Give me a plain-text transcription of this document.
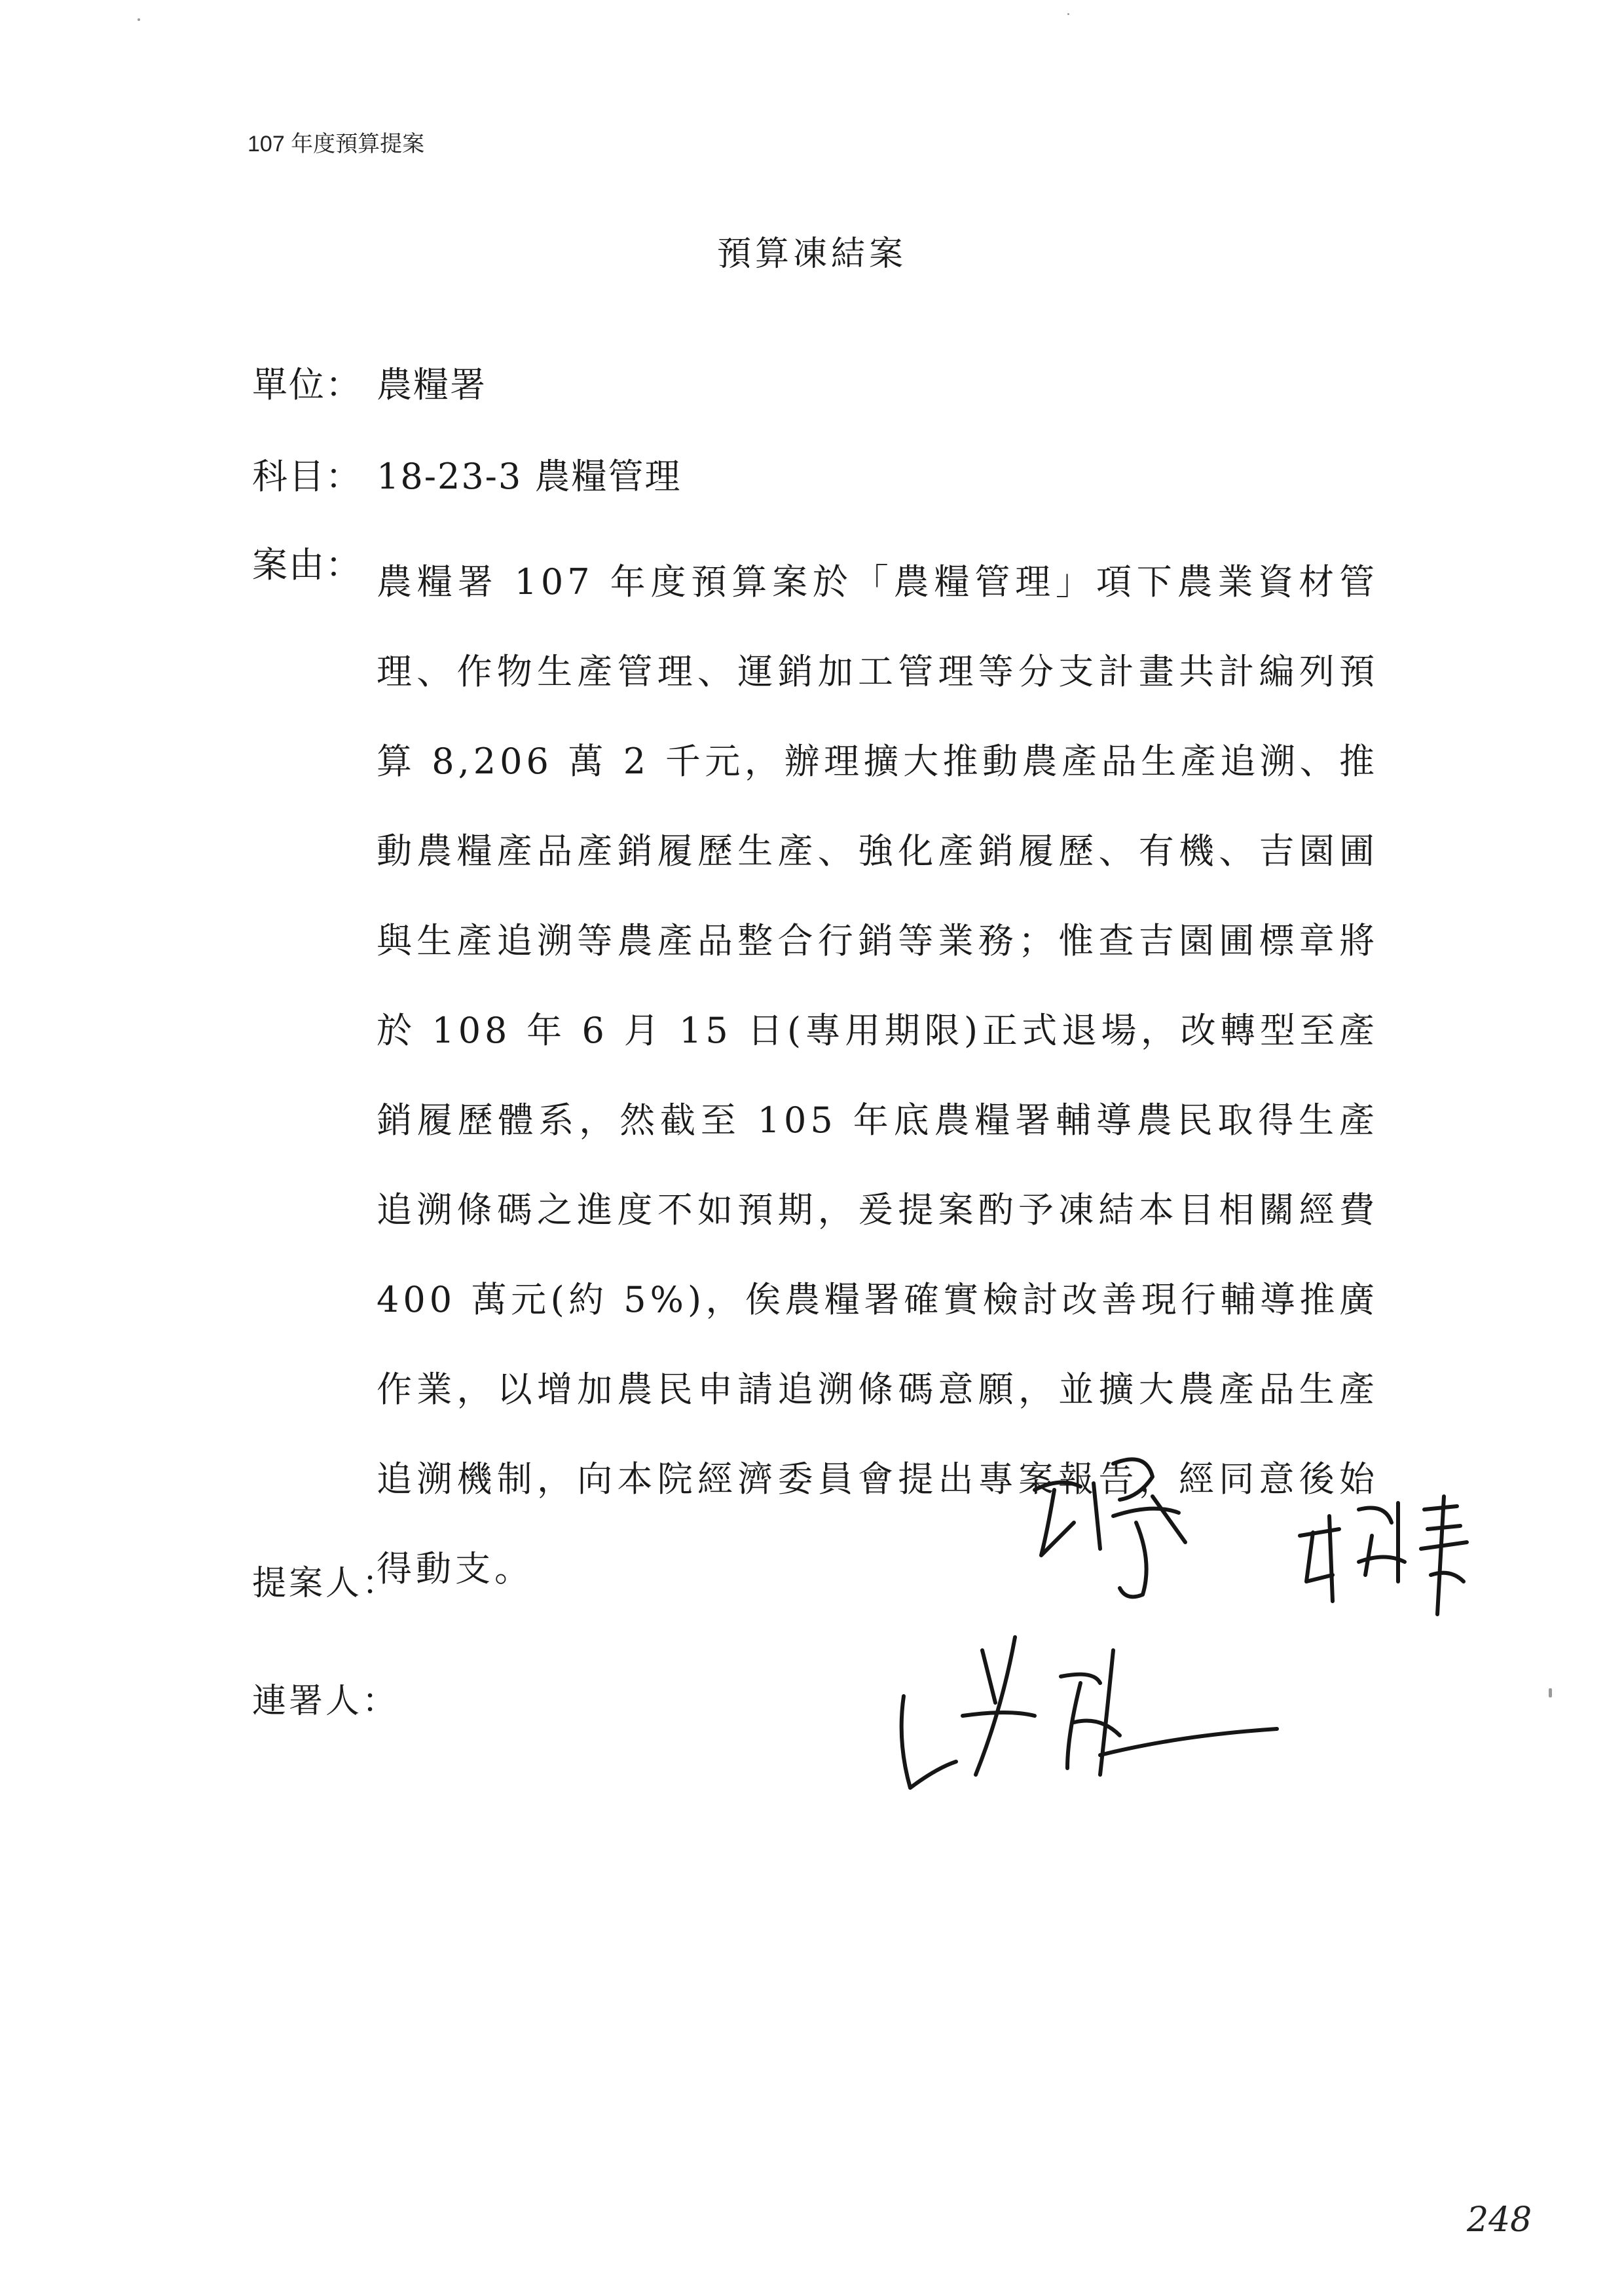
107 年度預算提案
預算凍結案
單位： 農糧署
科目： 18-23-3 農糧管理
案由： 農糧署 107 年度預算案於「農糧管理」項下農業資材管理、作物生產管理、運銷加工管理等分支計畫共計編列預算 8,206 萬 2 千元，辦理擴大推動農產品生產追溯、推動農糧產品產銷履歷生產、強化產銷履歷、有機、吉園圃與生產追溯等農產品整合行銷等業務；惟查吉園圃標章將於 108 年 6 月 15 日(專用期限)正式退場，改轉型至產銷履歷體系，然截至 105 年底農糧署輔導農民取得生產追溯條碼之進度不如預期，爰提案酌予凍結本目相關經費 400 萬元(約 5%)，俟農糧署確實檢討改善現行輔導推廣作業，以增加農民申請追溯條碼意願，並擴大農產品生產追溯機制，向本院經濟委員會提出專案報告，經同意後始得動支。
提案人：
連署人：
248
